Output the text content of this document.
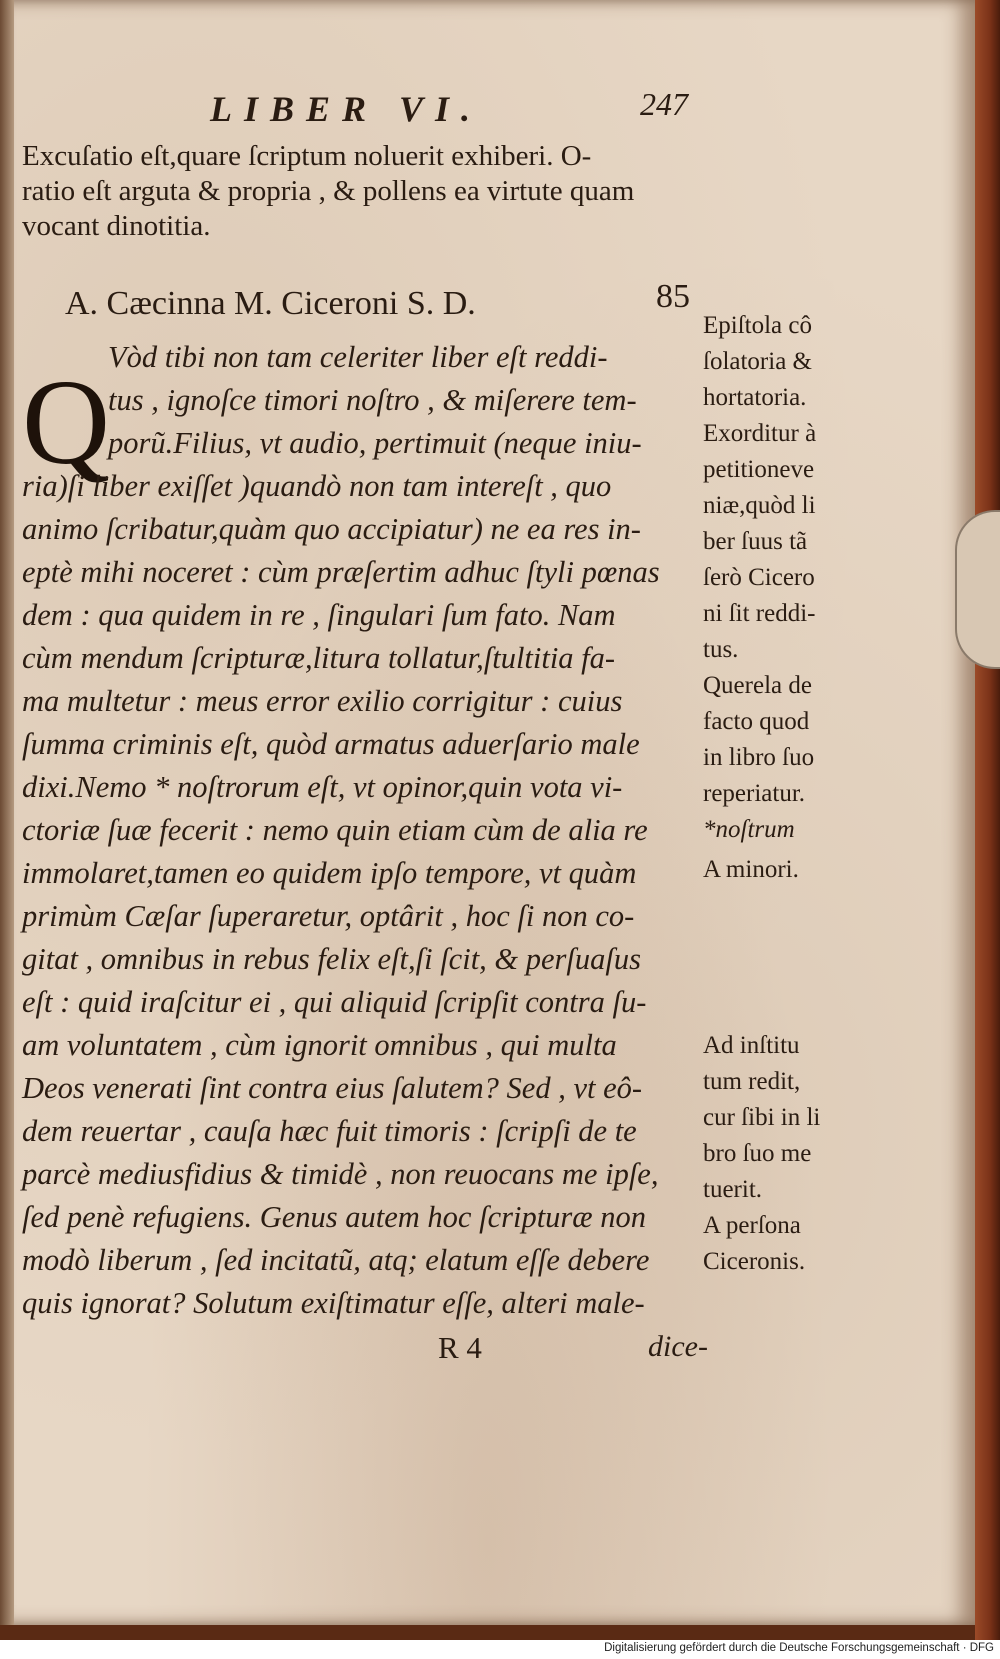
LIBER VI.	247
Excuſatio eſt,quare ſcriptum noluerit exhiberi. O-
ratio eſt arguta & propria , & pollens ea virtute quam
vocant dinotitia.
A. Cæcinna M. Ciceroni S. D.	85
Q
Vòd tibi non tam celeriter liber eſt reddi-
tus , ignoſce timori noſtro , & miſerere tem-
porũ.Filius, vt audio, pertimuit (neque iniu-
ria)ſi liber exiſſet )quandò non tam intereſt , quo
animo ſcribatur,quàm quo accipiatur) ne ea res in-
eptè mihi noceret : cùm præſertim adhuc ſtyli pœnas
dem : qua quidem in re , ſingulari ſum fato. Nam
cùm mendum ſcripturæ,litura tollatur,ſtultitia fa-
ma multetur : meus error exilio corrigitur : cuius
ſumma criminis eſt, quòd armatus aduerſario male
dixi.Nemo * noſtrorum eſt, vt opinor,quin vota vi-
ctoriæ ſuæ fecerit : nemo quin etiam cùm de alia re
immolaret,tamen eo quidem ipſo tempore, vt quàm
primùm Cæſar ſuperaretur, optârit , hoc ſi non co-
gitat , omnibus in rebus felix eſt,ſi ſcit, & perſuaſus
eſt : quid iraſcitur ei , qui aliquid ſcripſit contra ſu-
am voluntatem , cùm ignorit omnibus , qui multa
Deos venerati ſint contra eius ſalutem? Sed , vt eô-
dem reuertar , cauſa hæc fuit timoris : ſcripſi de te
parcè mediusfidius & timidè , non reuocans me ipſe,
ſed penè refugiens. Genus autem hoc ſcripturæ non
modò liberum , ſed incitatũ, atq; elatum eſſe debere
quis ignorat? Solutum exiſtimatur eſſe, alteri male-
Epiſtola cô
ſolatoria &
hortatoria.
Exorditur à
petitioneve
niæ,quòd li
ber ſuus tã
ſerò Cicero
ni ſit reddi-
tus.
Querela de
facto quod
in libro ſuo
reperiatur.
*noſtrum
A minori.
Ad inſtitu
tum redit,
cur ſibi in li
bro ſuo me
tuerit.
A perſona
Ciceronis.
R 4	dice-
Digitalisierung gefördert durch die Deutsche Forschungsgemeinschaft · DFG
